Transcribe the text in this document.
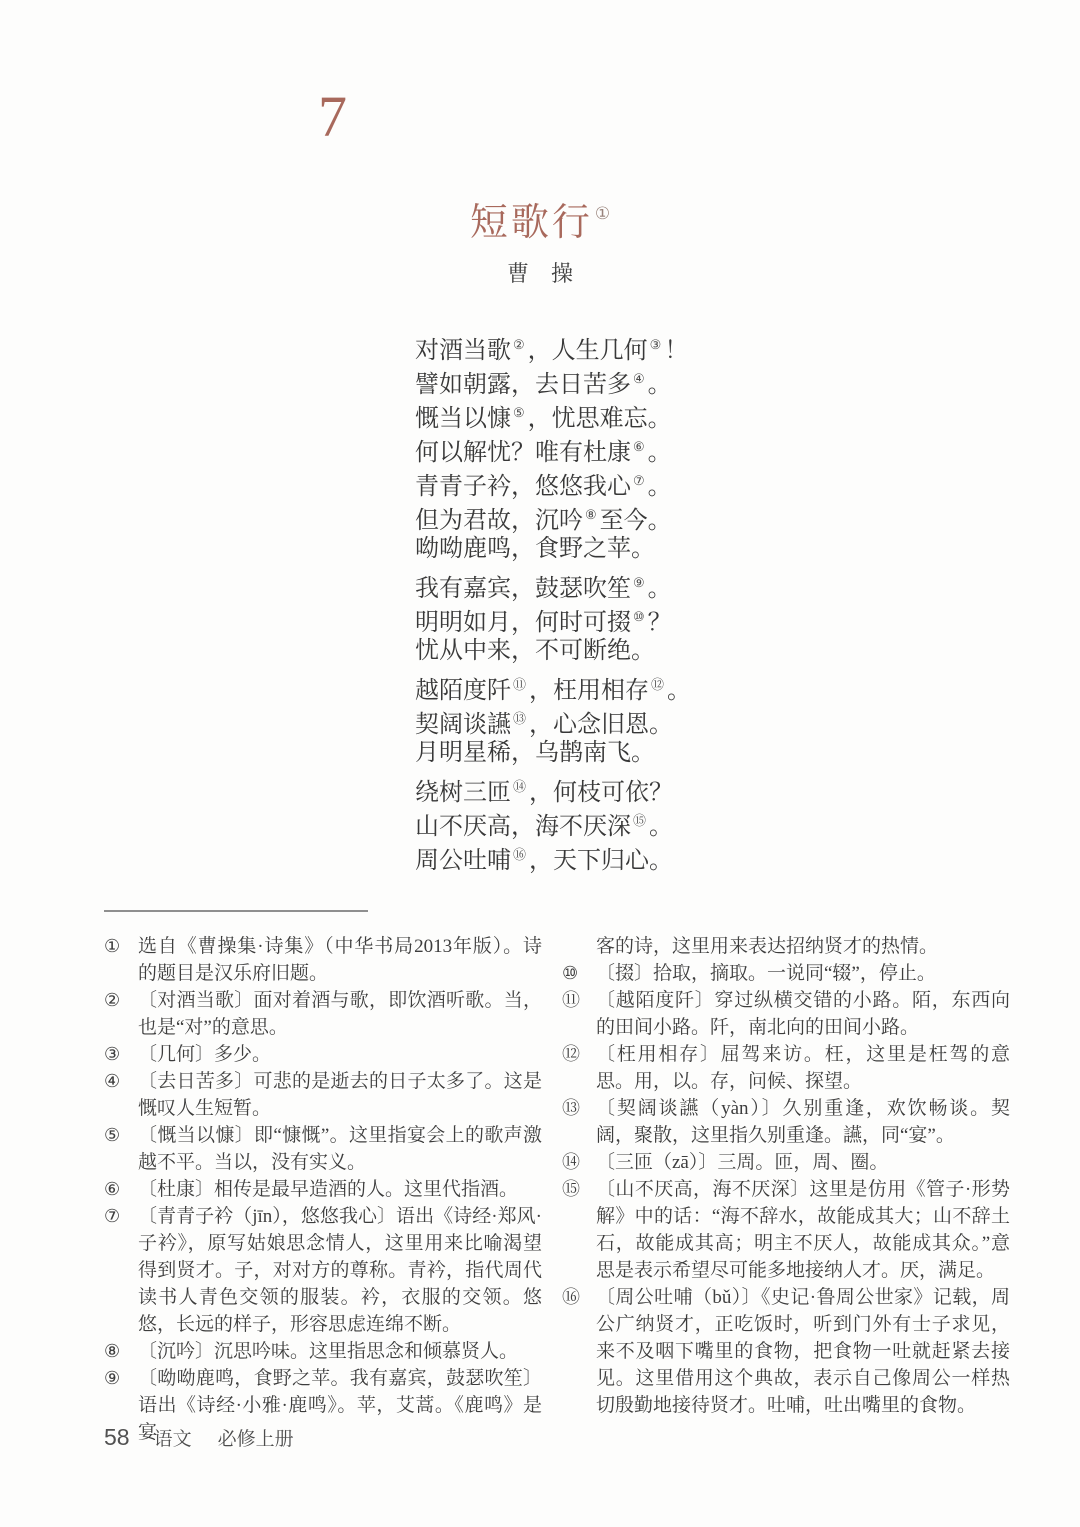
7
短歌行 ①
曹　操
对酒当歌 ② ，人生几何 ③ ！
譬如朝露，去日苦多 ④ 。
慨当以慷 ⑤ ，忧思难忘。
何以解忧？唯有杜康 ⑥ 。
青青子衿，悠悠我心 ⑦ 。
但为君故，沉吟 ⑧ 至今。
呦呦鹿鸣，食野之苹。
我有嘉宾，鼓瑟吹笙 ⑨ 。
明明如月，何时可掇 ⑩ ？
忧从中来，不可断绝。
越陌度阡 ⑪ ，枉用相存 ⑫ 。
契阔谈讌 ⑬ ，心念旧恩。
月明星稀，乌鹊南飞。
绕树三匝 ⑭ ，何枝可依？
山不厌高，海不厌深 ⑮ 。
周公吐哺 ⑯ ，天下归心。
① 选自《曹操集·诗集》（中华书局2013年版）。诗的题目是汉乐府旧题。
② 〔对酒当歌〕面对着酒与歌，即饮酒听歌。当，也是“对”的意思。
③ 〔几何〕多少。
④ 〔去日苦多〕可悲的是逝去的日子太多了。这是慨叹人生短暂。
⑤ 〔慨当以慷〕即“慷慨”。这里指宴会上的歌声激越不平。当以，没有实义。
⑥ 〔杜康〕相传是最早造酒的人。这里代指酒。
⑦ 〔青青子衿（jīn），悠悠我心〕语出《诗经·郑风·子衿》，原写姑娘思念情人，这里用来比喻渴望得到贤才。子，对对方的尊称。青衿，指代周代读书人青色交领的服装。衿，衣服的交领。悠悠，长远的样子，形容思虑连绵不断。
⑧ 〔沉吟〕沉思吟味。这里指思念和倾慕贤人。
⑨ 〔呦呦鹿鸣，食野之苹。我有嘉宾，鼓瑟吹笙〕语出《诗经·小雅·鹿鸣》。苹，艾蒿。《鹿鸣》是宴
客的诗，这里用来表达招纳贤才的热情。
⑩ 〔掇〕拾取，摘取。一说同“辍”，停止。
⑪ 〔越陌度阡〕穿过纵横交错的小路。陌，东西向的田间小路。阡，南北向的田间小路。
⑫ 〔枉用相存〕屈驾来访。枉，这里是枉驾的意思。用，以。存，问候、探望。
⑬ 〔契阔谈讌（yàn）〕久别重逢，欢饮畅谈。契阔，聚散，这里指久别重逢。讌，同“宴”。
⑭ 〔三匝（zā）〕三周。匝，周、圈。
⑮ 〔山不厌高，海不厌深〕这里是仿用《管子·形势解》中的话：“海不辞水，故能成其大；山不辞土石，故能成其高；明主不厌人，故能成其众。”意思是表示希望尽可能多地接纳人才。厌，满足。
⑯ 〔周公吐哺（bǔ）〕《史记·鲁周公世家》记载，周公广纳贤才，正吃饭时，听到门外有士子求见，来不及咽下嘴里的食物，把食物一吐就赶紧去接见。这里借用这个典故，表示自己像周公一样热切殷勤地接待贤才。吐哺，吐出嘴里的食物。
58 语文 必修上册
